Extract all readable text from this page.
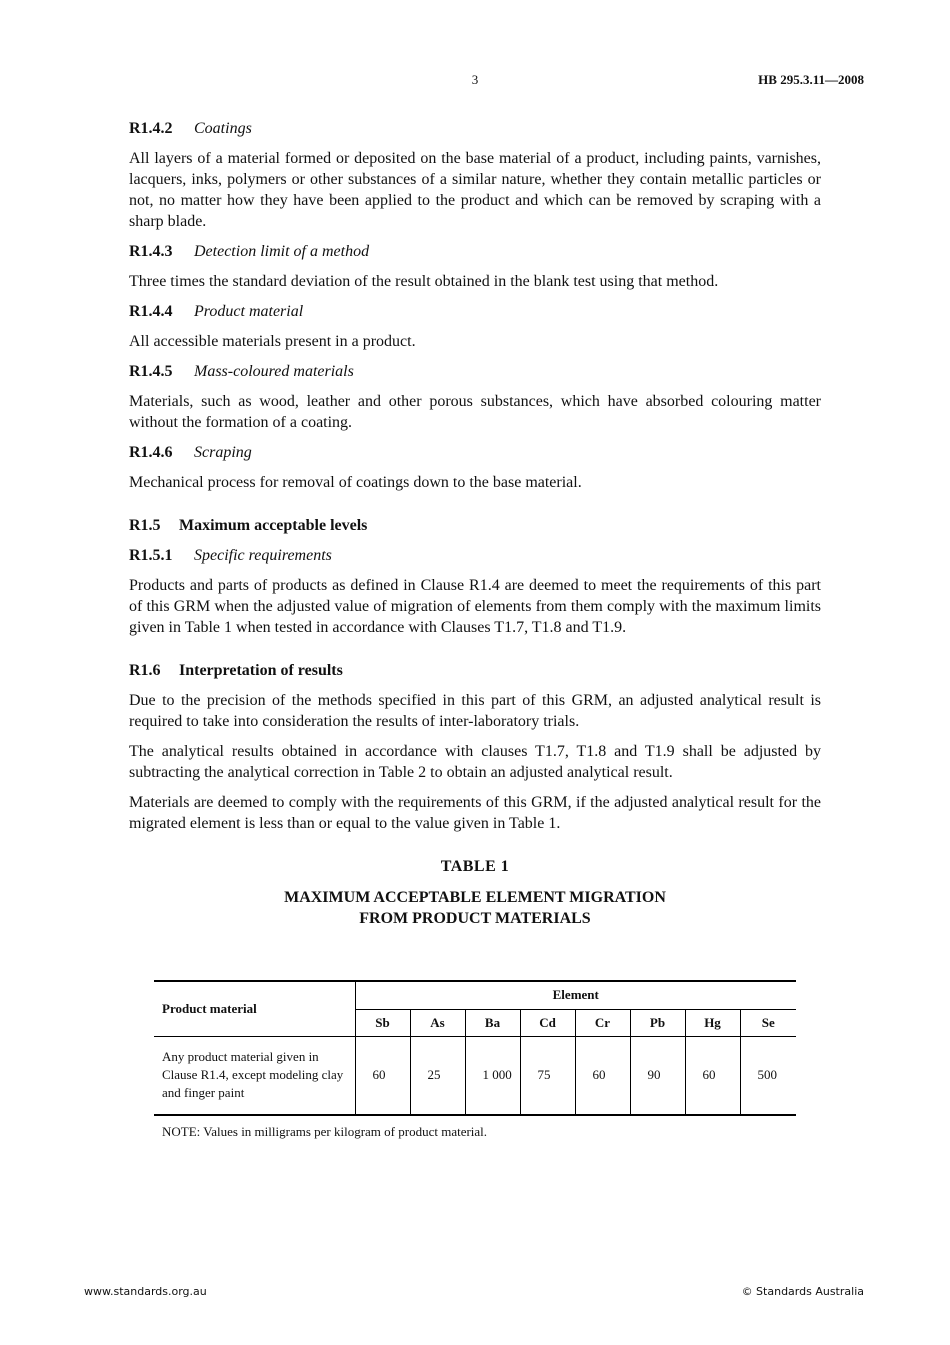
3	HB 295.3.11—2008
R1.4.2 Coatings

All layers of a material formed or deposited on the base material of a product, including paints, varnishes, lacquers, inks, polymers or other substances of a similar nature, whether they contain metallic particles or not, no matter how they have been applied to the product and which can be removed by scraping with a sharp blade.

R1.4.3 Detection limit of a method

Three times the standard deviation of the result obtained in the blank test using that method.

R1.4.4 Product material

All accessible materials present in a product.

R1.4.5 Mass-coloured materials

Materials, such as wood, leather and other porous substances, which have absorbed colouring matter without the formation of a coating.

R1.4.6 Scraping

Mechanical process for removal of coatings down to the base material.

R1.5 Maximum acceptable levels
R1.5.1 Specific requirements

Products and parts of products as defined in Clause R1.4 are deemed to meet the requirements of this part of this GRM when the adjusted value of migration of elements from them comply with the maximum limits given in Table 1 when tested in accordance with Clauses T1.7, T1.8 and T1.9.

R1.6 Interpretation of results

Due to the precision of the methods specified in this part of this GRM, an adjusted analytical result is required to take into consideration the results of inter-laboratory trials.

The analytical results obtained in accordance with clauses T1.7, T1.8 and T1.9 shall be adjusted by subtracting the analytical correction in Table 2 to obtain an adjusted analytical result.

Materials are deemed to comply with the requirements of this GRM, if the adjusted analytical result for the migrated element is less than or equal to the value given in Table 1.

TABLE 1
MAXIMUM ACCEPTABLE ELEMENT MIGRATION
FROM PRODUCT MATERIALS
Product material	Element							
	Sb	As	Ba	Cd	Cr	Pb	Hg	Se
Any product material given in Clause R1.4, except modeling clay and finger paint	60	25	1 000	75	60	90	60	500
NOTE: Values in milligrams per kilogram of product material.
www.standards.org.au	© Standards Australia
